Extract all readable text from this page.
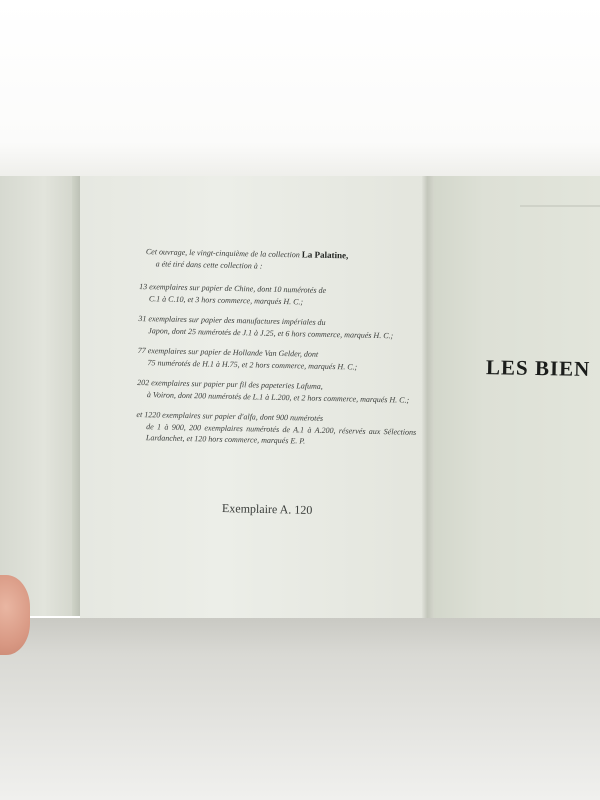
Cet ouvrage, le vingt-cinquième de la collection La Palatine,
a été tiré dans cette collection à :
13 exemplaires sur papier de Chine, dont 10 numérotés de
C.1 à C.10, et 3 hors commerce, marqués H. C.;
31 exemplaires sur papier des manufactures impériales du
Japon, dont 25 numérotés de J.1 à J.25, et 6 hors commerce, marqués H. C.;
77 exemplaires sur papier de Hollande Van Gelder, dont
75 numérotés de H.1 à H.75, et 2 hors commerce, marqués H. C.;
202 exemplaires sur papier pur fil des papeteries Lafuma,
à Voiron, dont 200 numérotés de L.1 à L.200, et 2 hors commerce, marqués H. C.;
et 1220 exemplaires sur papier d'alfa, dont 900 numérotés
de 1 à 900, 200 exemplaires numérotés de A.1 à A.200, réservés aux Sélections Lardanchet, et 120 hors commerce, marqués E. P.
Exemplaire A. 120
LES BIEN
